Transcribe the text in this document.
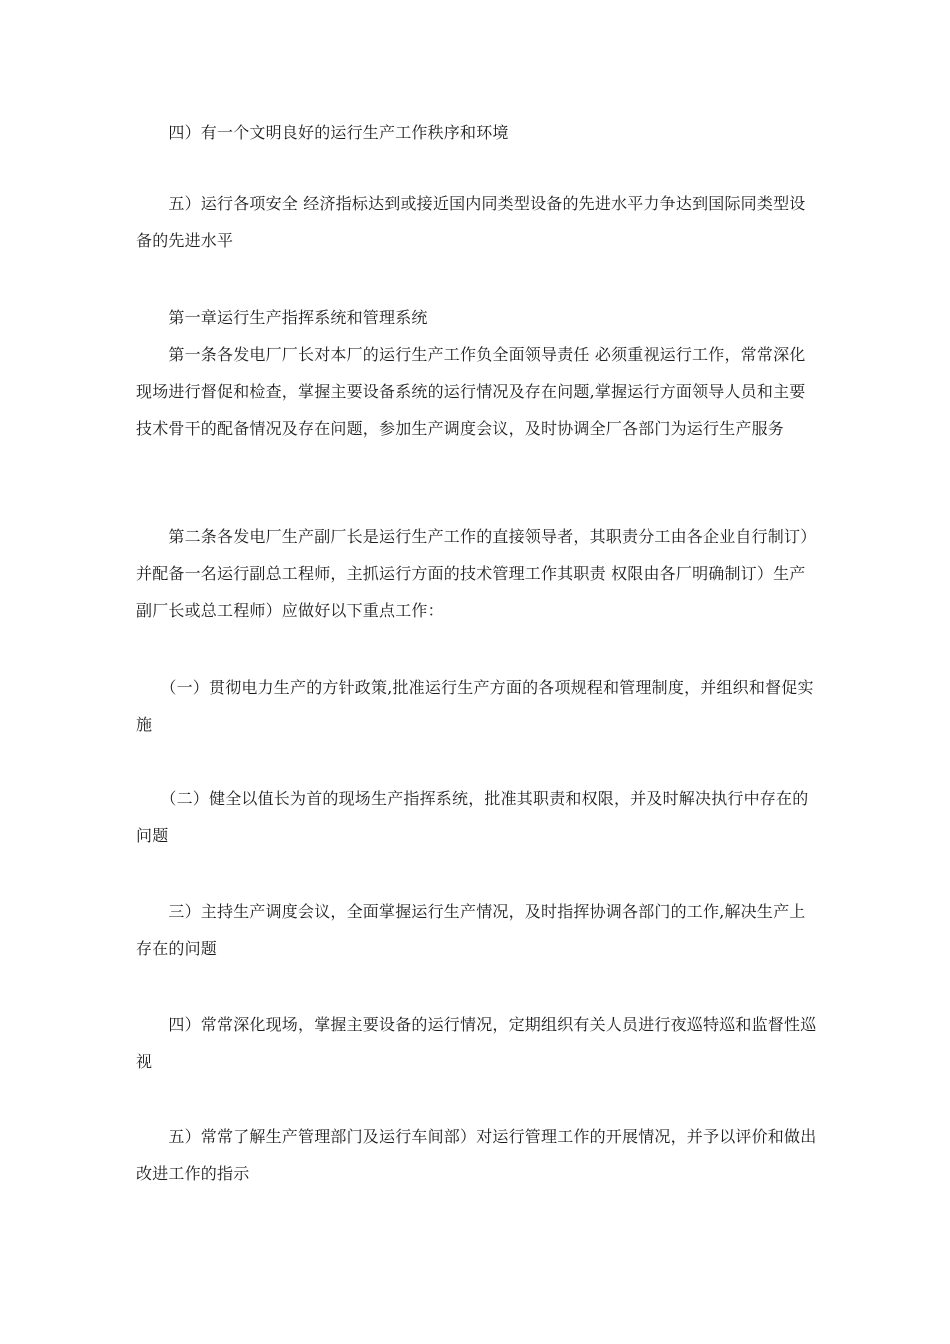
　　四）有一个文明良好的运行生产工作秩序和环境

　　五）运行各项安全 经济指标达到或接近国内同类型设备的先进水平力争达到国际同类型设备的先进水平

　　第一章运行生产指挥系统和管理系统

　　第一条各发电厂厂长对本厂的运行生产工作负全面领导责任 必须重视运行工作，常常深化现场进行督促和检查，掌握主要设备系统的运行情况及存在问题,掌握运行方面领导人员和主要技术骨干的配备情况及存在问题，参加生产调度会议，及时协调全厂各部门为运行生产服务

　　第二条各发电厂生产副厂长是运行生产工作的直接领导者，其职责分工由各企业自行制订）并配备一名运行副总工程师，主抓运行方面的技术管理工作其职责 权限由各厂明确制订）生产副厂长或总工程师）应做好以下重点工作：

　　（一）贯彻电力生产的方针政策,批准运行生产方面的各项规程和管理制度，并组织和督促实施

　　（二）健全以值长为首的现场生产指挥系统，批准其职责和权限，并及时解决执行中存在的问题

　　三）主持生产调度会议，全面掌握运行生产情况，及时指挥协调各部门的工作,解决生产上存在的问题

　　四）常常深化现场，掌握主要设备的运行情况，定期组织有关人员进行夜巡特巡和监督性巡视

　　五）常常了解生产管理部门及运行车间部）对运行管理工作的开展情况，并予以评价和做出改进工作的指示
